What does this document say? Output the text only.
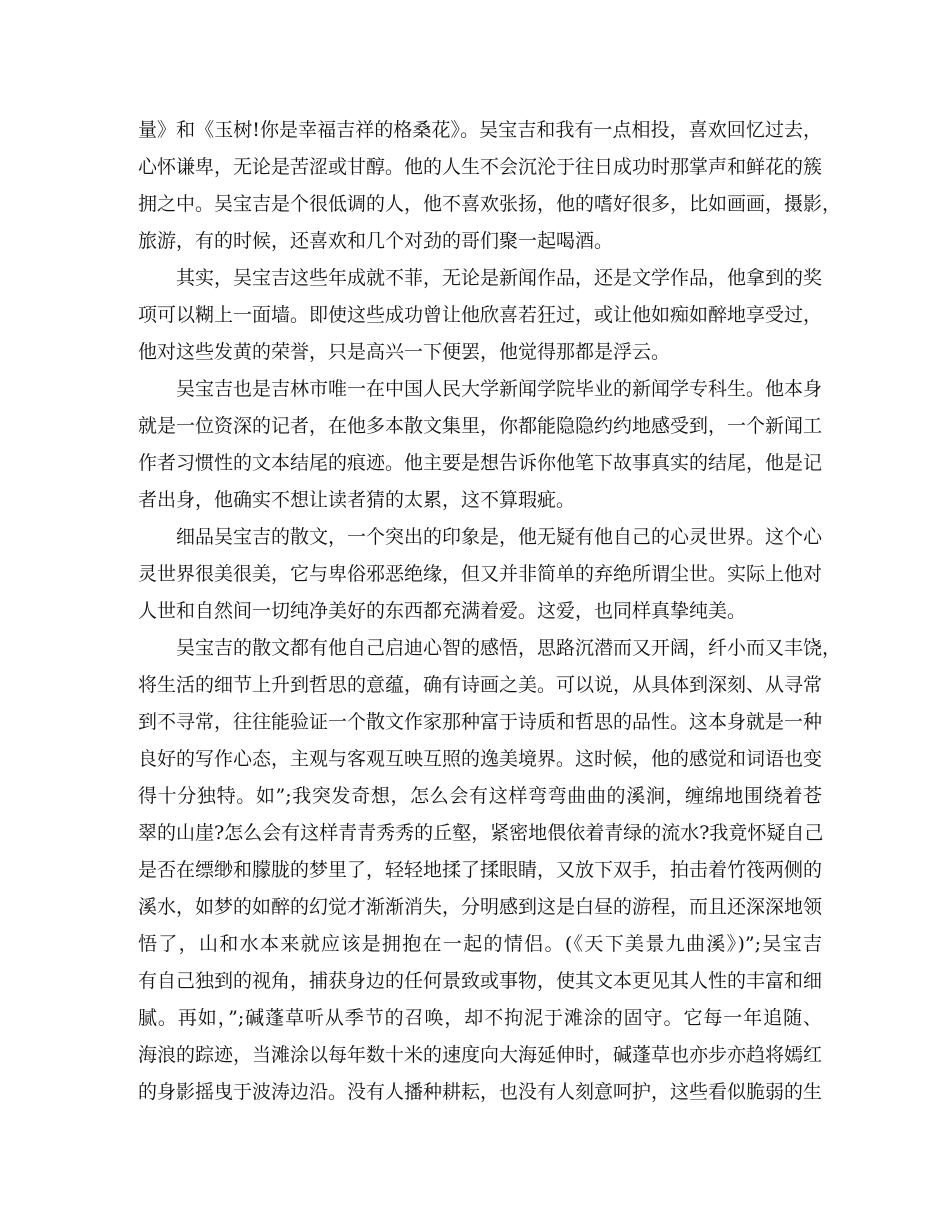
量》和《玉树!你是幸福吉祥的格桑花》。吴宝吉和我有一点相投，喜欢回忆过去，
心怀谦卑，无论是苦涩或甘醇。他的人生不会沉沦于往日成功时那掌声和鲜花的簇
拥之中。吴宝吉是个很低调的人，他不喜欢张扬，他的嗜好很多，比如画画，摄影，
旅游，有的时候，还喜欢和几个对劲的哥们聚一起喝酒。
其实，吴宝吉这些年成就不菲，无论是新闻作品，还是文学作品，他拿到的奖
项可以糊上一面墙。即使这些成功曾让他欣喜若狂过，或让他如痴如醉地享受过，
他对这些发黄的荣誉，只是高兴一下便罢，他觉得那都是浮云。
吴宝吉也是吉林市唯一在中国人民大学新闻学院毕业的新闻学专科生。他本身
就是一位资深的记者，在他多本散文集里，你都能隐隐约约地感受到，一个新闻工
作者习惯性的文本结尾的痕迹。他主要是想告诉你他笔下故事真实的结尾，他是记
者出身，他确实不想让读者猜的太累，这不算瑕疵。
细品吴宝吉的散文，一个突出的印象是，他无疑有他自己的心灵世界。这个心
灵世界很美很美，它与卑俗邪恶绝缘，但又并非简单的弃绝所谓尘世。实际上他对
人世和自然间一切纯净美好的东西都充满着爱。这爱，也同样真挚纯美。
吴宝吉的散文都有他自己启迪心智的感悟，思路沉潜而又开阔，纤小而又丰饶，
将生活的细节上升到哲思的意蕴，确有诗画之美。可以说，从具体到深刻、从寻常
到不寻常，往往能验证一个散文作家那种富于诗质和哲思的品性。这本身就是一种
良好的写作心态，主观与客观互映互照的逸美境界。这时候，他的感觉和词语也变
得十分独特。如”;我突发奇想，怎么会有这样弯弯曲曲的溪涧，缠绵地围绕着苍
翠的山崖?怎么会有这样青青秀秀的丘壑，紧密地偎依着青绿的流水?我竟怀疑自己
是否在缥缈和朦胧的梦里了，轻轻地揉了揉眼睛，又放下双手，拍击着竹筏两侧的
溪水，如梦的如醉的幻觉才渐渐消失，分明感到这是白昼的游程，而且还深深地领
悟了，山和水本来就应该是拥抱在一起的情侣。(《天下美景九曲溪》)”;吴宝吉
有自己独到的视角，捕获身边的任何景致或事物，使其文本更见其人性的丰富和细
腻。再如，”;碱蓬草听从季节的召唤，却不拘泥于滩涂的固守。它每一年追随、
海浪的踪迹，当滩涂以每年数十米的速度向大海延伸时，碱蓬草也亦步亦趋将嫣红
的身影摇曳于波涛边沿。没有人播种耕耘，也没有人刻意呵护，这些看似脆弱的生
